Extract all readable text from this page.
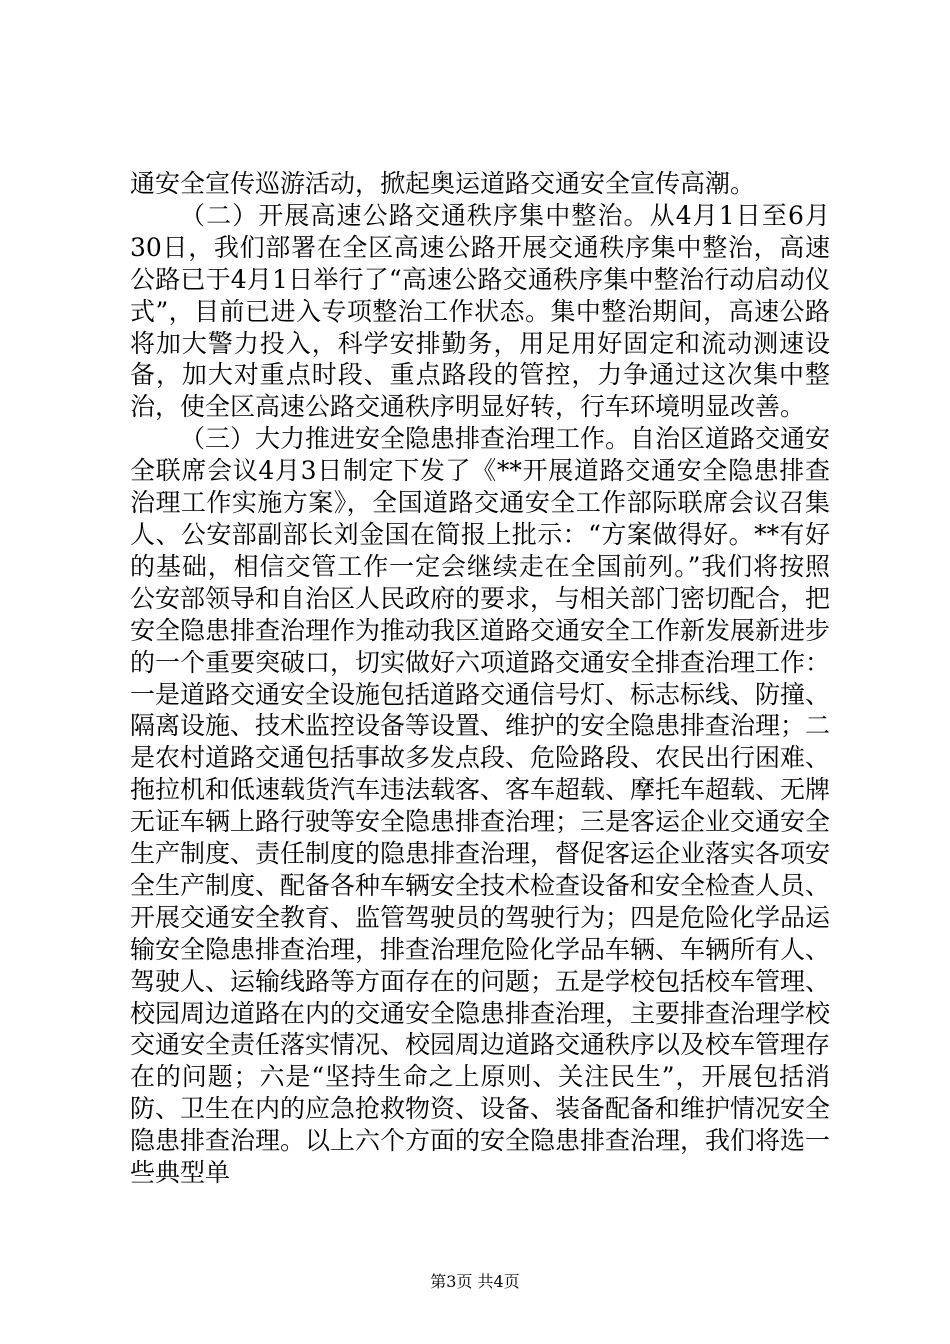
通安全宣传巡游活动，掀起奥运道路交通安全宣传高潮。

（二）开展高速公路交通秩序集中整治。从4月1日至6月30日，我们部署在全区高速公路开展交通秩序集中整治，高速公路已于4月1日举行了“高速公路交通秩序集中整治行动启动仪式”，目前已进入专项整治工作状态。集中整治期间，高速公路将加大警力投入，科学安排勤务，用足用好固定和流动测速设备，加大对重点时段、重点路段的管控，力争通过这次集中整治，使全区高速公路交通秩序明显好转，行车环境明显改善。

（三）大力推进安全隐患排查治理工作。自治区道路交通安全联席会议4月3日制定下发了《**开展道路交通安全隐患排查治理工作实施方案》，全国道路交通安全工作部际联席会议召集人、公安部副部长刘金国在简报上批示：“方案做得好。**有好的基础，相信交管工作一定会继续走在全国前列。”我们将按照公安部领导和自治区人民政府的要求，与相关部门密切配合，把安全隐患排查治理作为推动我区道路交通安全工作新发展新进步的一个重要突破口，切实做好六项道路交通安全排查治理工作：一是道路交通安全设施包括道路交通信号灯、标志标线、防撞、隔离设施、技术监控设备等设置、维护的安全隐患排查治理；二是农村道路交通包括事故多发点段、危险路段、农民出行困难、拖拉机和低速载货汽车违法载客、客车超载、摩托车超载、无牌无证车辆上路行驶等安全隐患排查治理；三是客运企业交通安全生产制度、责任制度的隐患排查治理，督促客运企业落实各项安全生产制度、配备各种车辆安全技术检查设备和安全检查人员、开展交通安全教育、监管驾驶员的驾驶行为；四是危险化学品运输安全隐患排查治理，排查治理危险化学品车辆、车辆所有人、驾驶人、运输线路等方面存在的问题；五是学校包括校车管理、校园周边道路在内的交通安全隐患排查治理，主要排查治理学校交通安全责任落实情况、校园周边道路交通秩序以及校车管理存在的问题；六是“坚持生命之上原则、关注民生”，开展包括消防、卫生在内的应急抢救物资、设备、装备配备和维护情况安全隐患排查治理。以上六个方面的安全隐患排查治理，我们将选一些典型单

第3页 共4页
